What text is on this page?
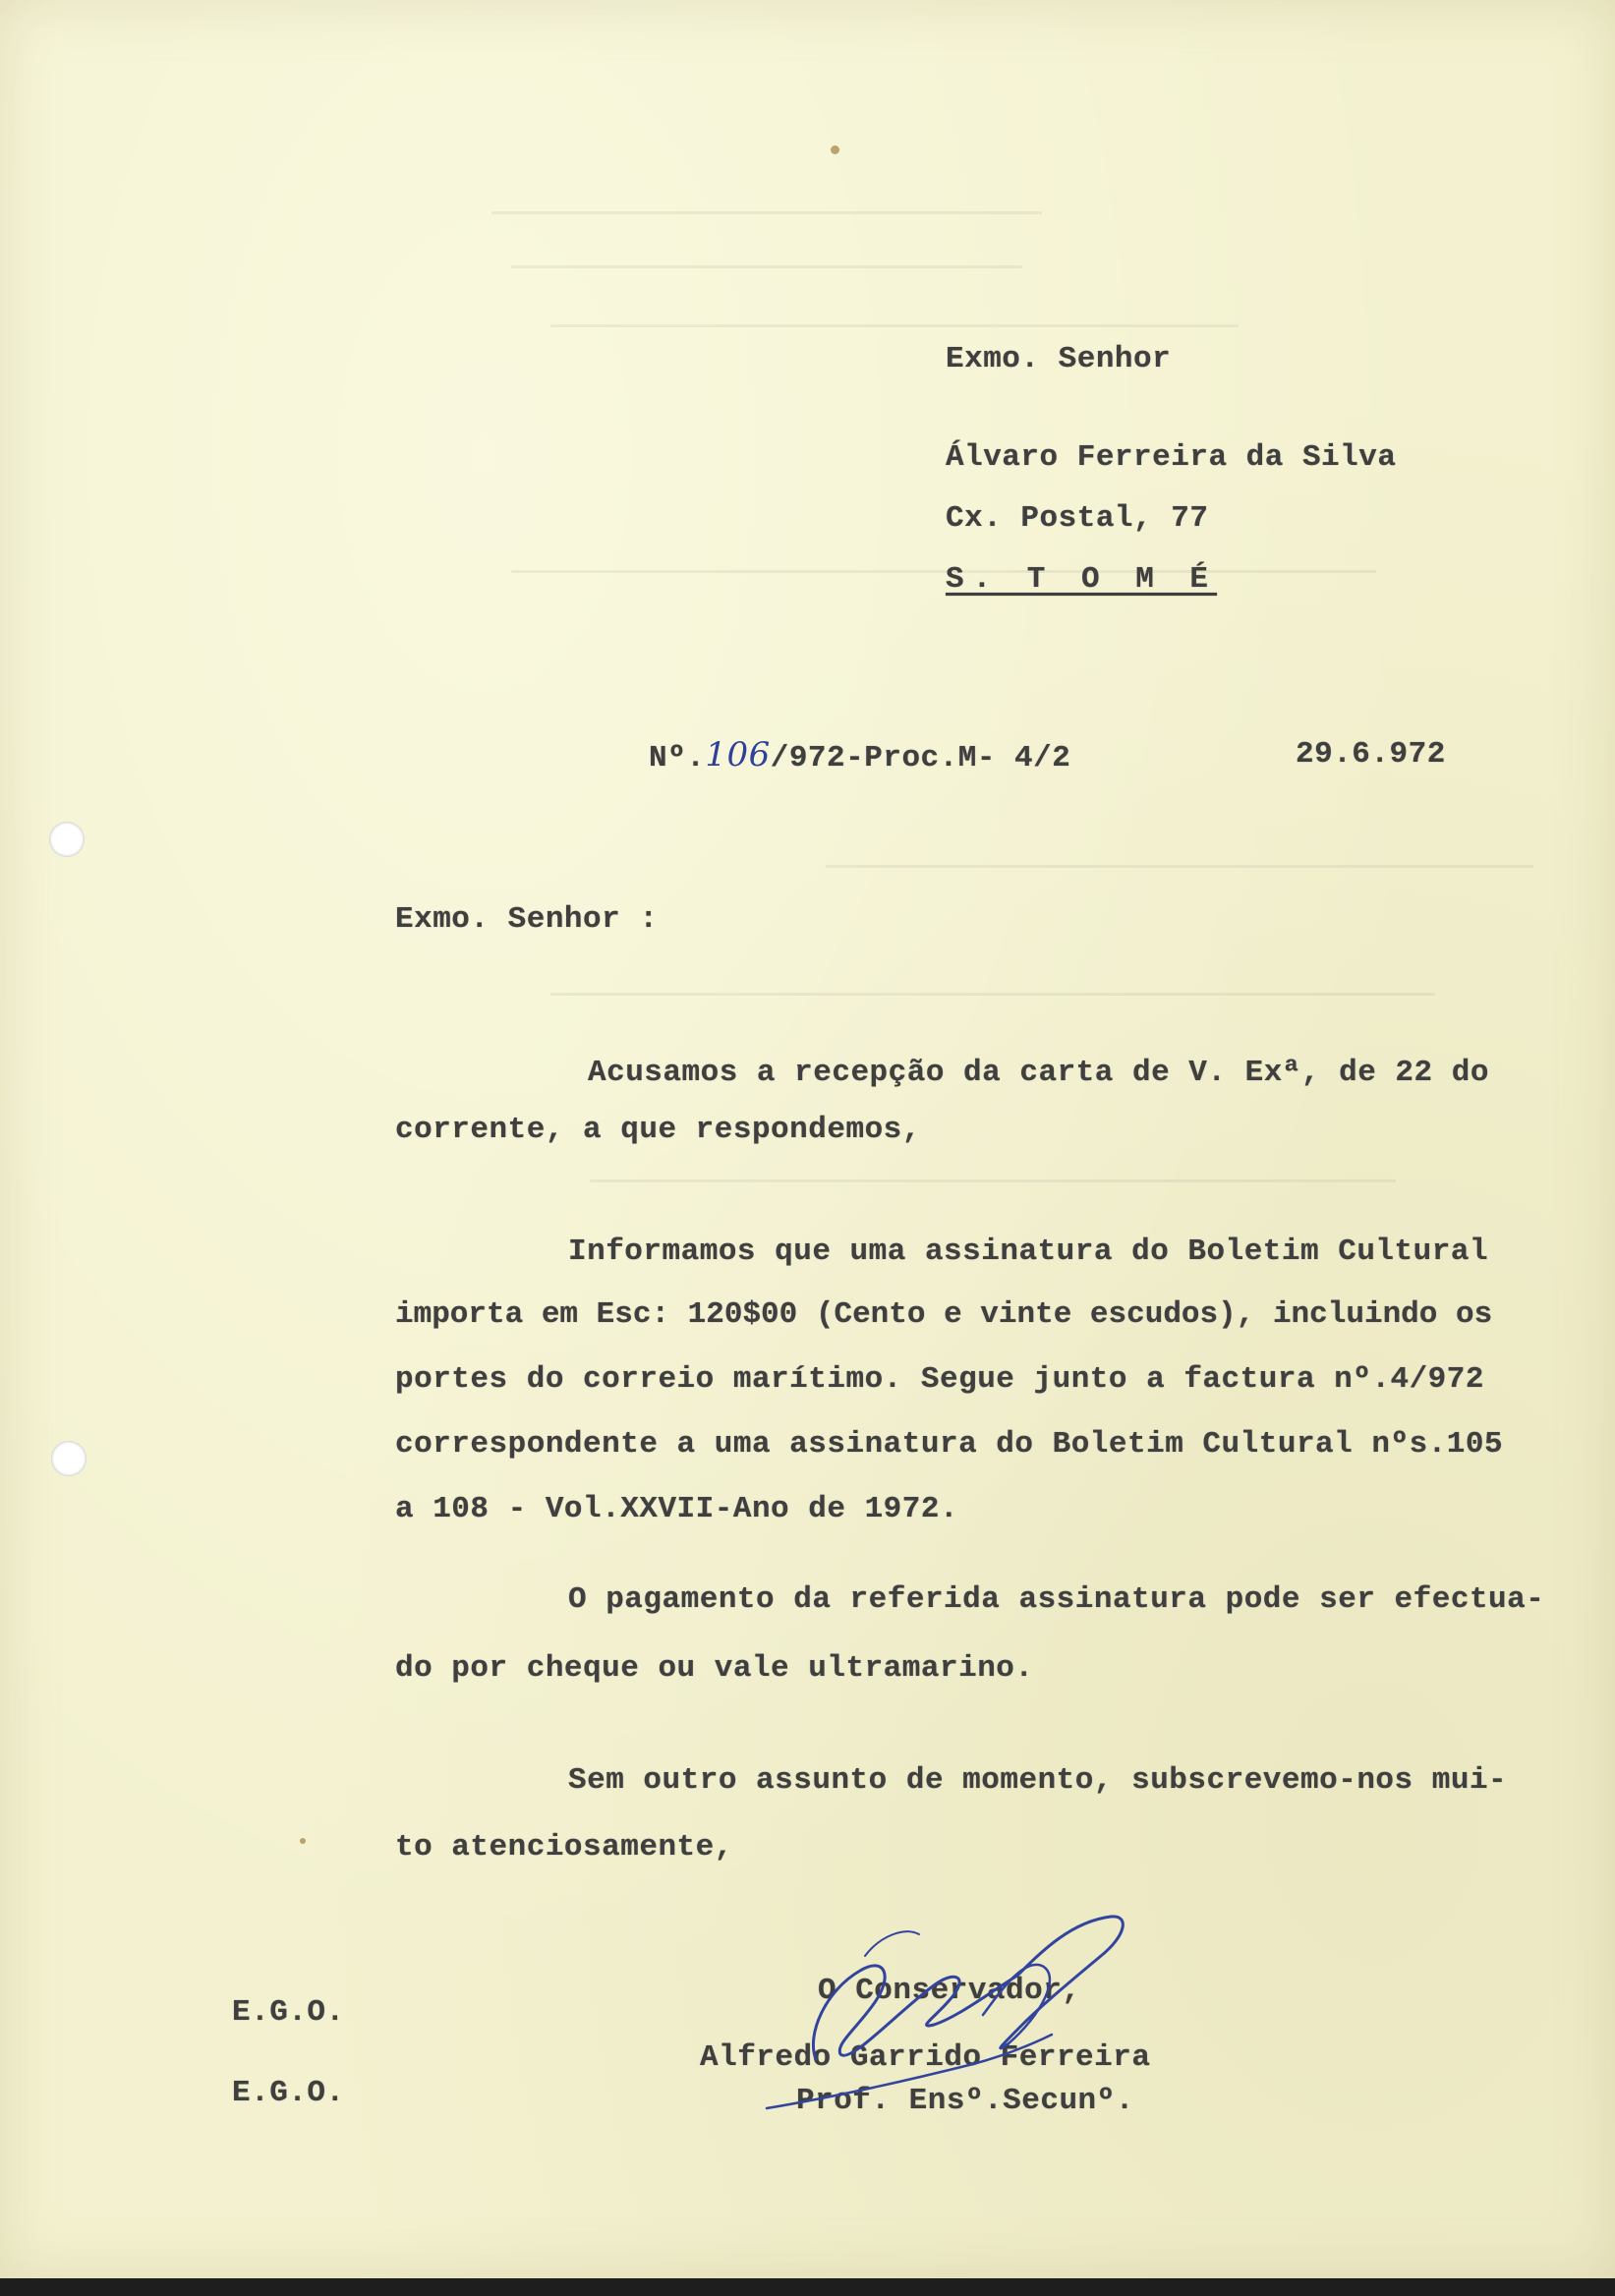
Exmo. Senhor
Álvaro Ferreira da Silva
Cx. Postal, 77
S. T O M É
Nº.106/972-Proc.M- 4/2	29.6.972
Exmo. Senhor :
Acusamos a recepção da carta de V. Exª, de 22 do
corrente, a que respondemos,
Informamos que uma assinatura do Boletim Cultural
importa em Esc: 120$00 (Cento e vinte escudos), incluindo os
portes do correio marítimo. Segue junto a factura nº.4/972
correspondente a uma assinatura do Boletim Cultural nºs.105
a 108 - Vol.XXVII-Ano de 1972.
O pagamento da referida assinatura pode ser efectua-
do por cheque ou vale ultramarino.
Sem outro assunto de momento, subscrevemo-nos mui-
to atenciosamente,
E.G.O.
E.G.O.
O Conservador,
Alfredo Garrido Ferreira
Prof. Ensº.Secunº.
